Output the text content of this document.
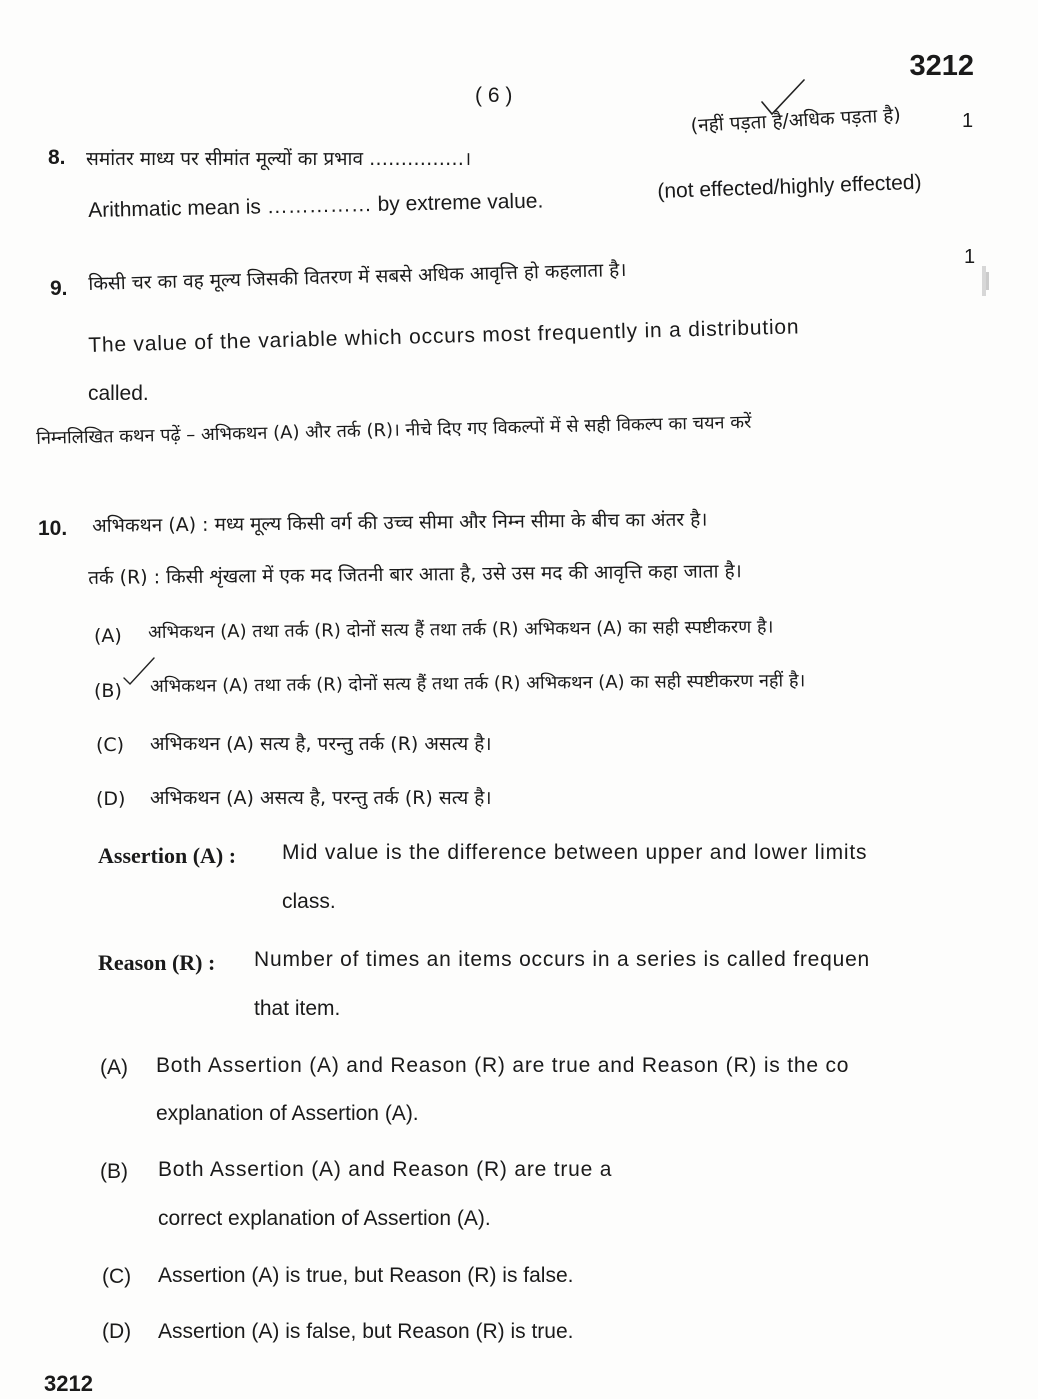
3212
( 6 )
8. समांतर माध्य पर सीमांत मूल्यों का प्रभाव ……………।
(नहीं पड़ता है/अधिक पड़ता है)	1
Arithmatic mean is …………… by extreme value.
(not effected/highly effected)
9. किसी चर का वह मूल्य जिसकी वितरण में सबसे अधिक आवृत्ति हो कहलाता है।
1
The value of the variable which occurs most frequently in a distribution
called.
निम्नलिखित कथन पढ़ें – अभिकथन (A) और तर्क (R)। नीचे दिए गए विकल्पों में से सही विकल्प का चयन करें
10. अभिकथन (A) : मध्य मूल्य किसी वर्ग की उच्च सीमा और निम्न सीमा के बीच का अंतर है।
तर्क (R) : किसी शृंखला में एक मद जितनी बार आता है, उसे उस मद की आवृत्ति कहा जाता है।
(A) अभिकथन (A) तथा तर्क (R) दोनों सत्य हैं तथा तर्क (R) अभिकथन (A) का सही स्पष्टीकरण है।
(B) अभिकथन (A) तथा तर्क (R) दोनों सत्य हैं तथा तर्क (R) अभिकथन (A) का सही स्पष्टीकरण नहीं है।
(C) अभिकथन (A) सत्य है, परन्तु तर्क (R) असत्य है।
(D) अभिकथन (A) असत्य है, परन्तु तर्क (R) सत्य है।
Assertion (A) : Mid value is the difference between upper and lower limits
class.
Reason (R) : Number of times an items occurs in a series is called frequen
that item.
(A) Both Assertion (A) and Reason (R) are true and Reason (R) is the co
explanation of Assertion (A).
(B) Both Assertion (A) and Reason (R) are true a
correct explanation of Assertion (A).
(C) Assertion (A) is true, but Reason (R) is false.
(D) Assertion (A) is false, but Reason (R) is true.
3212
